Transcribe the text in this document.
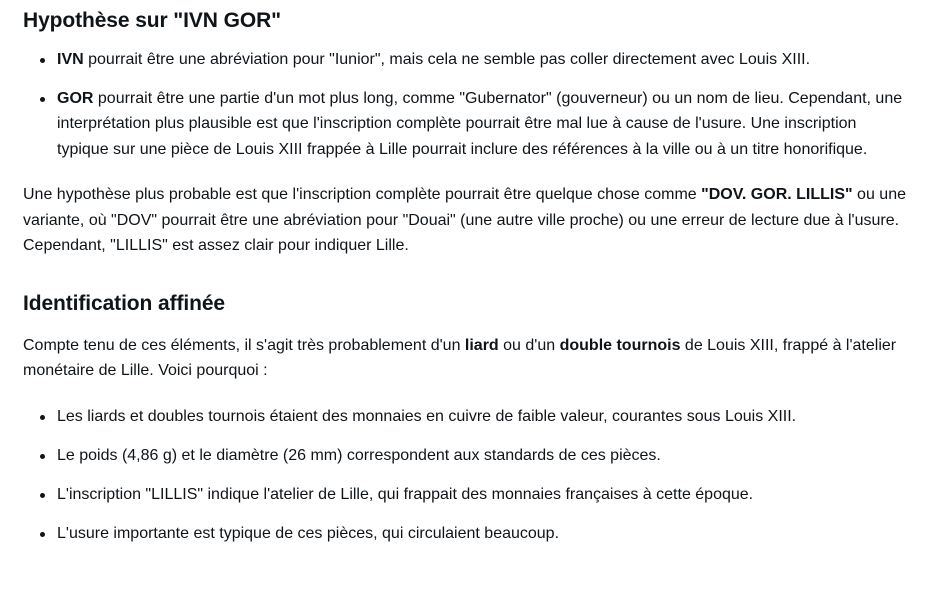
Hypothèse sur "IVN GOR"
IVN pourrait être une abréviation pour "Iunior", mais cela ne semble pas coller directement avec Louis XIII.
GOR pourrait être une partie d'un mot plus long, comme "Gubernator" (gouverneur) ou un nom de lieu. Cependant, une interprétation plus plausible est que l'inscription complète pourrait être mal lue à cause de l'usure. Une inscription typique sur une pièce de Louis XIII frappée à Lille pourrait inclure des références à la ville ou à un titre honorifique.

Une hypothèse plus probable est que l'inscription complète pourrait être quelque chose comme "DOV. GOR. LILLIS" ou une variante, où "DOV" pourrait être une abréviation pour "Douai" (une autre ville proche) ou une erreur de lecture due à l'usure. Cependant, "LILLIS" est assez clair pour indiquer Lille.

Identification affinée

Compte tenu de ces éléments, il s'agit très probablement d'un liard ou d'un double tournois de Louis XIII, frappé à l'atelier monétaire de Lille. Voici pourquoi :

Les liards et doubles tournois étaient des monnaies en cuivre de faible valeur, courantes sous Louis XIII.
Le poids (4,86 g) et le diamètre (26 mm) correspondent aux standards de ces pièces.
L'inscription "LILLIS" indique l'atelier de Lille, qui frappait des monnaies françaises à cette époque.
L'usure importante est typique de ces pièces, qui circulaient beaucoup.
